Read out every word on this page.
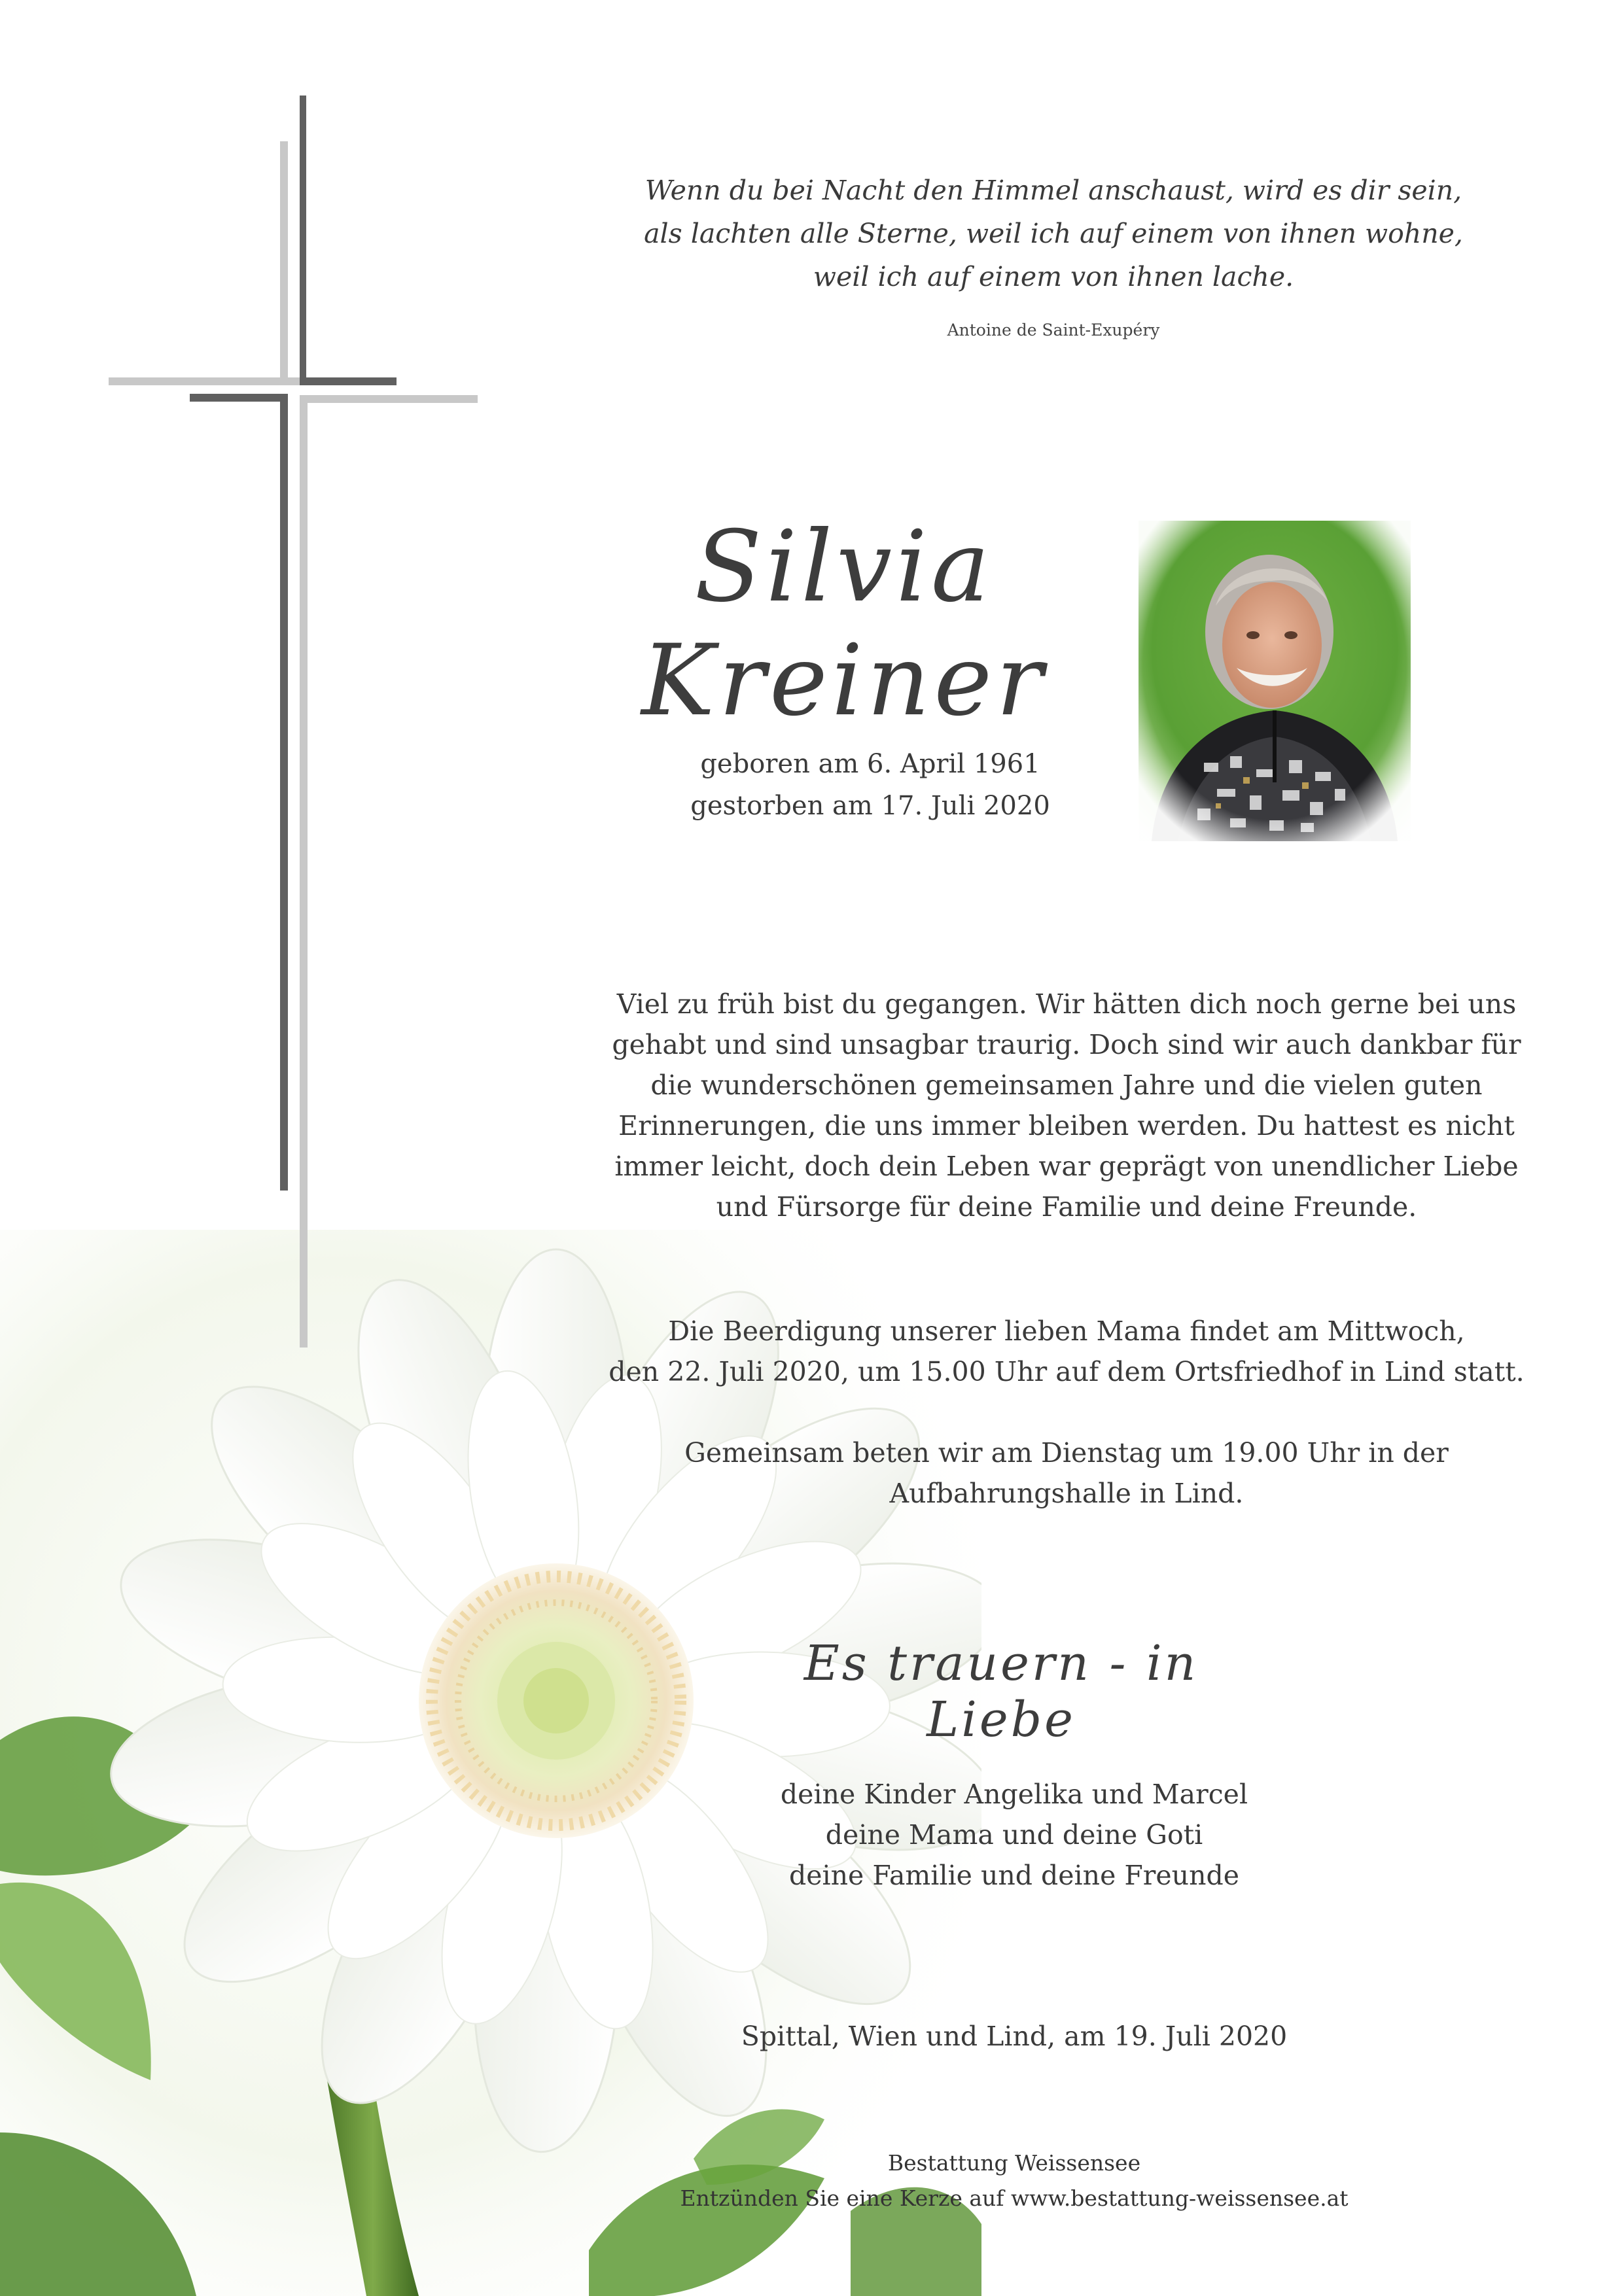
Wenn du bei Nacht den Himmel anschaust, wird es dir sein,
als lachten alle Sterne, weil ich auf einem von ihnen wohne,
weil ich auf einem von ihnen lache.
Antoine de Saint-Exupéry
Silvia Kreiner
geboren am 6. April 1961
gestorben am 17. Juli 2020
Viel zu früh bist du gegangen. Wir hätten dich noch gerne bei uns
gehabt und sind unsagbar traurig. Doch sind wir auch dankbar für
die wunderschönen gemeinsamen Jahre und die vielen guten
Erinnerungen, die uns immer bleiben werden. Du hattest es nicht
immer leicht, doch dein Leben war geprägt von unendlicher Liebe
und Fürsorge für deine Familie und deine Freunde.
Die Beerdigung unserer lieben Mama findet am Mittwoch,
den 22. Juli 2020, um 15.00 Uhr auf dem Ortsfriedhof in Lind statt.
Gemeinsam beten wir am Dienstag um 19.00 Uhr in der
Aufbahrungshalle in Lind.
Es trauern - in Liebe
deine Kinder Angelika und Marcel
deine Mama und deine Goti
deine Familie und deine Freunde
Spittal, Wien und Lind, am 19. Juli 2020
Bestattung Weissensee
Entzünden Sie eine Kerze auf www.bestattung-weissensee.at
